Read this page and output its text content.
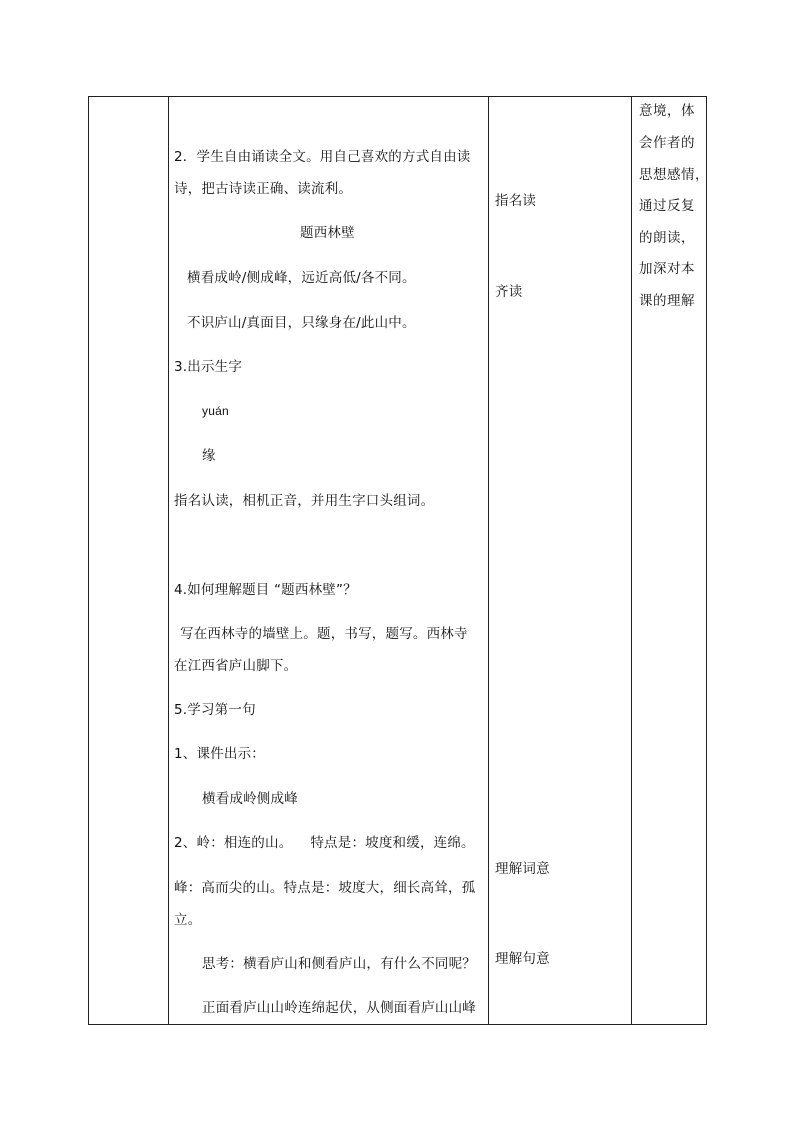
2．学生自由诵读全文。用自己喜欢的方式自由读
诗，把古诗读正确、读流利。
题西林壁
横看成岭/侧成峰，远近高低/各不同。
不识庐山/真面目，只缘身在/此山中。
3.出示生字
yuán
缘
指名认读，相机正音，并用生字口头组词。
4.如何理解题目 “题西林壁”？
写在西林寺的墙壁上。题，书写，题写。西林寺
在江西省庐山脚下。
5.学习第一句
1、课件出示：
横看成岭侧成峰
2、岭：相连的山。    特点是：坡度和缓，连绵。
峰：高而尖的山。特点是：坡度大，细长高耸，孤
立。
思考：横看庐山和侧看庐山，有什么不同呢？
正面看庐山山岭连绵起伏，从侧面看庐山山峰
指名读
齐读
理解词意
理解句意
意境，体
会作者的
思想感情，
通过反复
的朗读，
加深对本
课的理解
